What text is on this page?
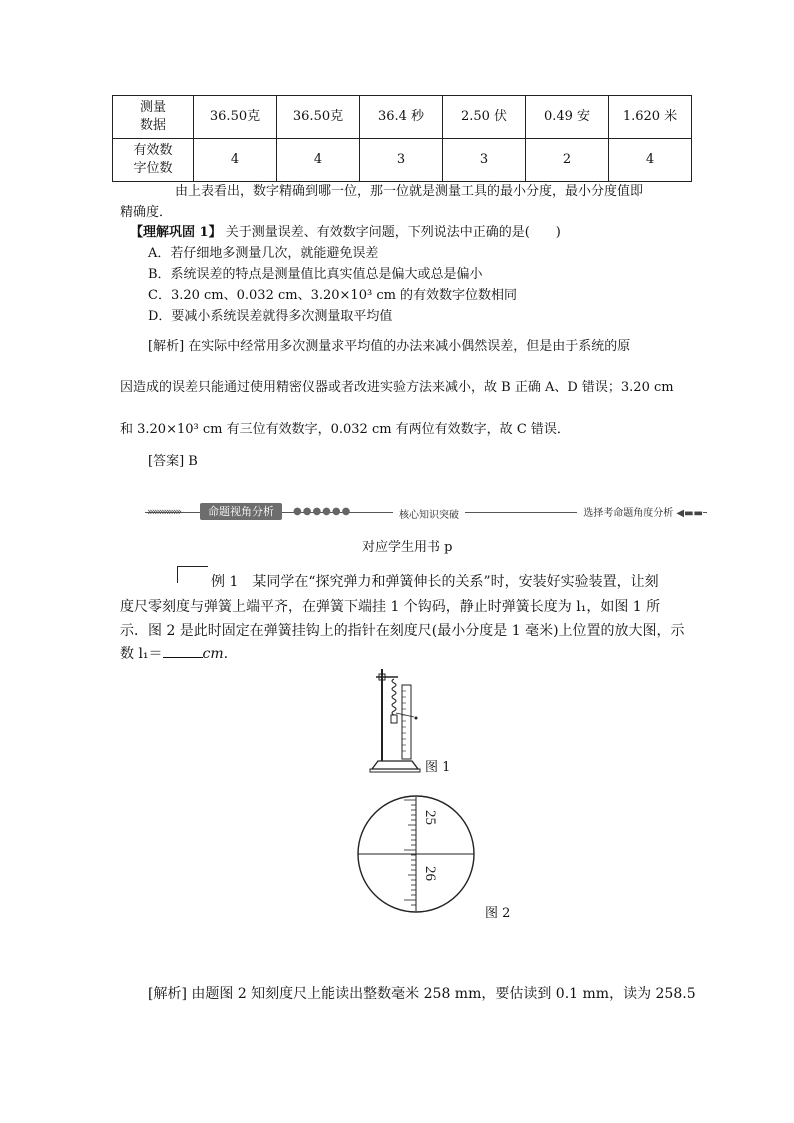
测量
数据	36.50克	36.50克	36.4 秒	2.50 伏	0.49 安	1.620 米

有效数
字位数	4	4	3	3	2	4
由上表看出，数字精确到哪一位，那一位就是测量工具的最小分度，最小分度值即
精确度．
【理解巩固 1】 关于测量误差、有效数字问题，下列说法中正确的是(　　)
A．若仔细地多测量几次，就能避免误差
B．系统误差的特点是测量值比真实值总是偏大或总是偏小
C．3.20 cm、0.032 cm、3.20×10³ cm 的有效数字位数相同
D．要减小系统误差就得多次测量取平均值
[解析] 在实际中经常用多次测量求平均值的办法来减小偶然误差，但是由于系统的原
因造成的误差只能通过使用精密仪器或者改进实验方法来减小，故 B 正确 A、D 错误；3.20 cm
和 3.20×10³ cm 有三位有效数字，0.032 cm 有两位有效数字，故 C 错误．
[答案] B
»»»»»»»	命题视角分析	●●●●●●	核心知识突破	选择考命题角度分析 ◀▬▬
对应学生用书 p
例 1　某同学在“探究弹力和弹簧伸长的关系”时，安装好实验装置，让刻
度尺零刻度与弹簧上端平齐，在弹簧下端挂 1 个钩码，静止时弹簧长度为 l₁，如图 1 所
示．图 2 是此时固定在弹簧挂钩上的指针在刻度尺(最小分度是 1 毫米)上位置的放大图，示
数 l₁＝	cm.
图 1
25
26
图 2
[解析] 由题图 2 知刻度尺上能读出整数毫米 258 mm，要估读到 0.1 mm，读为 258.5
